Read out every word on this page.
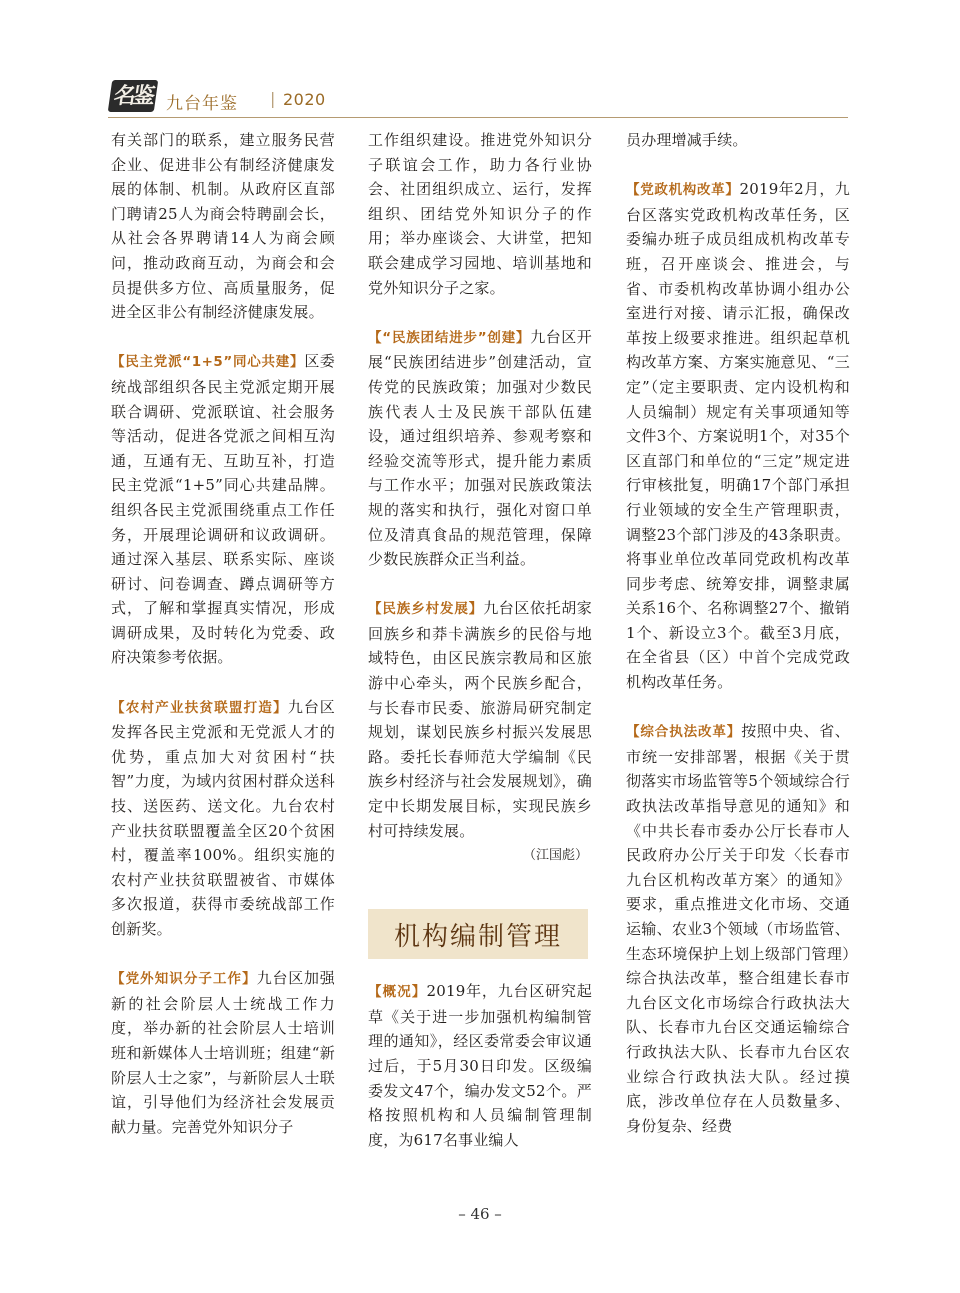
名鉴 九台年鉴 | 2020

有关部门的联系，建立服务民营企业、促进非公有制经济健康发展的体制、机制。从政府区直部门聘请25人为商会特聘副会长，从社会各界聘请14人为商会顾问，推动政商互动，为商会和会员提供多方位、高质量服务，促进全区非公有制经济健康发展。

【民主党派“1+5”同心共建】区委统战部组织各民主党派定期开展联合调研、党派联谊、社会服务等活动，促进各党派之间相互沟通，互通有无、互助互补，打造民主党派“1+5”同心共建品牌。组织各民主党派围绕重点工作任务，开展理论调研和议政调研。通过深入基层、联系实际、座谈研讨、问卷调查、蹲点调研等方式，了解和掌握真实情况，形成调研成果，及时转化为党委、政府决策参考依据。

【农村产业扶贫联盟打造】九台区发挥各民主党派和无党派人才的优势，重点加大对贫困村“扶智”力度，为域内贫困村群众送科技、送医药、送文化。九台农村产业扶贫联盟覆盖全区20个贫困村，覆盖率100%。组织实施的农村产业扶贫联盟被省、市媒体多次报道，获得市委统战部工作创新奖。

【党外知识分子工作】九台区加强新的社会阶层人士统战工作力度，举办新的社会阶层人士培训班和新媒体人士培训班；组建“新阶层人士之家”，与新阶层人士联谊，引导他们为经济社会发展贡献力量。完善党外知识分子

工作组织建设。推进党外知识分子联谊会工作，助力各行业协会、社团组织成立、运行，发挥组织、团结党外知识分子的作用；举办座谈会、大讲堂，把知联会建成学习园地、培训基地和党外知识分子之家。

【“民族团结进步”创建】九台区开展“民族团结进步”创建活动，宣传党的民族政策；加强对少数民族代表人士及民族干部队伍建设，通过组织培养、参观考察和经验交流等形式，提升能力素质与工作水平；加强对民族政策法规的落实和执行，强化对窗口单位及清真食品的规范管理，保障少数民族群众正当利益。

【民族乡村发展】九台区依托胡家回族乡和莽卡满族乡的民俗与地域特色，由区民族宗教局和区旅游中心牵头，两个民族乡配合，与长春市民委、旅游局研究制定规划，谋划民族乡村振兴发展思路。委托长春师范大学编制《民族乡村经济与社会发展规划》，确定中长期发展目标，实现民族乡村可持续发展。

（江国彪）

机构编制管理

【概况】2019年，九台区研究起草《关于进一步加强机构编制管理的通知》，经区委常委会审议通过后，于5月30日印发。区级编委发文47个，编办发文52个。严格按照机构和人员编制管理制度，为617名事业编人

员办理增减手续。

【党政机构改革】2019年2月，九台区落实党政机构改革任务，区委编办班子成员组成机构改革专班，召开座谈会、推进会，与省、市委机构改革协调小组办公室进行对接、请示汇报，确保改革按上级要求推进。组织起草机构改革方案、方案实施意见、“三定”（定主要职责、定内设机构和人员编制）规定有关事项通知等文件3个、方案说明1个，对35个区直部门和单位的“三定”规定进行审核批复，明确17个部门承担行业领域的安全生产管理职责，调整23个部门涉及的43条职责。将事业单位改革同党政机构改革同步考虑、统筹安排，调整隶属关系16个、名称调整27个、撤销1个、新设立3个。截至3月底，在全省县（区）中首个完成党政机构改革任务。

【综合执法改革】按照中央、省、市统一安排部署，根据《关于贯彻落实市场监管等5个领域综合行政执法改革指导意见的通知》和《中共长春市委办公厅长春市人民政府办公厅关于印发〈长春市九台区机构改革方案〉的通知》要求，重点推进文化市场、交通运输、农业3个领域（市场监管、生态环境保护上划上级部门管理）综合执法改革，整合组建长春市九台区文化市场综合行政执法大队、长春市九台区交通运输综合行政执法大队、长春市九台区农业综合行政执法大队。经过摸底，涉改单位存在人员数量多、身份复杂、经费

– 46 –
